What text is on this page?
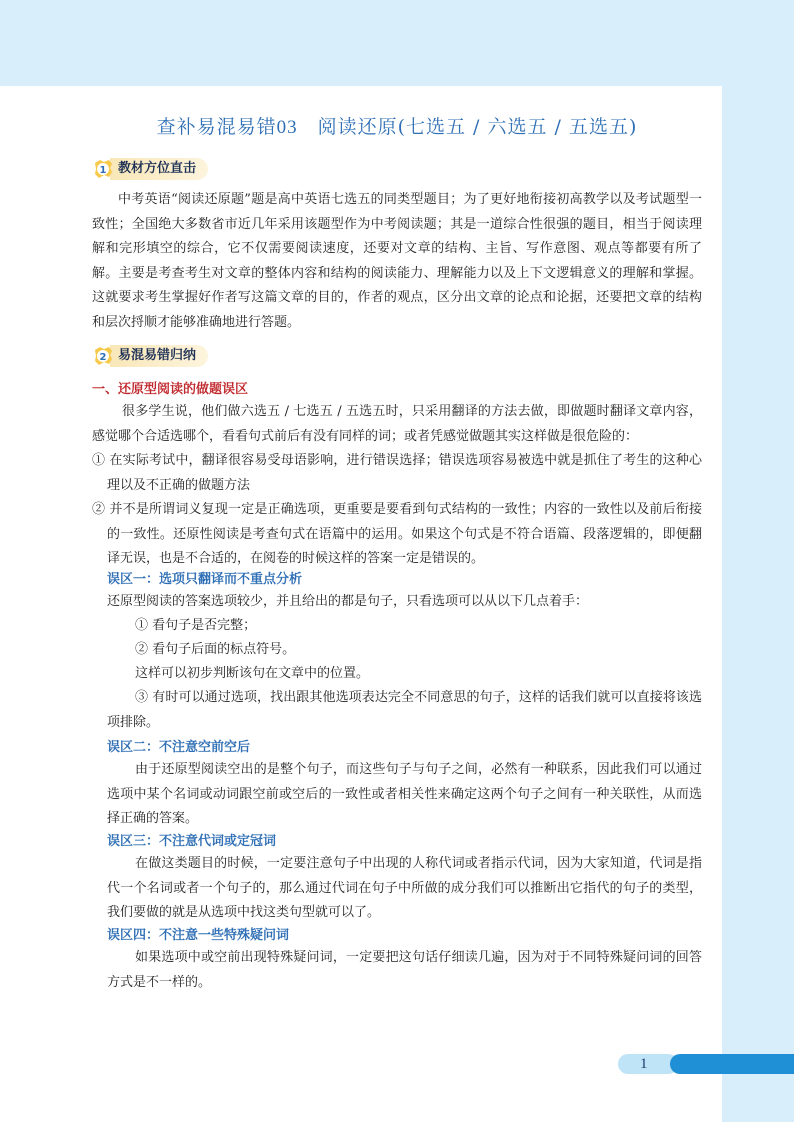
查补易混易错03  阅读还原(七选五 / 六选五 / 五选五)
1 教材方位直击

中考英语“阅读还原题”题是高中英语七选五的同类型题目；为了更好地衔接初高教学以及考试题型一致性；全国绝大多数省市近几年采用该题型作为中考阅读题；其是一道综合性很强的题目，相当于阅读理解和完形填空的综合，它不仅需要阅读速度，还要对文章的结构、主旨、写作意图、观点等都要有所了解。主要是考查考生对文章的整体内容和结构的阅读能力、理解能力以及上下文逻辑意义的理解和掌握。这就要求考生掌握好作者写这篇文章的目的，作者的观点，区分出文章的论点和论据，还要把文章的结构和层次捋顺才能够准确地进行答题。

2 易混易错归纳
一、还原型阅读的做题误区

很多学生说，他们做六选五 / 七选五 / 五选五时，只采用翻译的方法去做，即做题时翻译文章内容，感觉哪个合适选哪个，看看句式前后有没有同样的词；或者凭感觉做题其实这样做是很危险的：

① 在实际考试中，翻译很容易受母语影响，进行错误选择；错误选项容易被选中就是抓住了考生的这种心理以及不正确的做题方法

② 并不是所谓词义复现一定是正确选项，更重要是要看到句式结构的一致性；内容的一致性以及前后衔接的一致性。还原性阅读是考查句式在语篇中的运用。如果这个句式是不符合语篇、段落逻辑的，即便翻译无误，也是不合适的，在阅卷的时候这样的答案一定是错误的。

误区一：选项只翻译而不重点分析

还原型阅读的答案选项较少，并且给出的都是句子，只看选项可以从以下几点着手：

① 看句子是否完整；

② 看句子后面的标点符号。

这样可以初步判断该句在文章中的位置。

③ 有时可以通过选项，找出跟其他选项表达完全不同意思的句子，这样的话我们就可以直接将该选项排除。

误区二：不注意空前空后

由于还原型阅读空出的是整个句子，而这些句子与句子之间，必然有一种联系，因此我们可以通过选项中某个名词或动词跟空前或空后的一致性或者相关性来确定这两个句子之间有一种关联性，从而选择正确的答案。

误区三：不注意代词或定冠词

在做这类题目的时候，一定要注意句子中出现的人称代词或者指示代词，因为大家知道，代词是指代一个名词或者一个句子的，那么通过代词在句子中所做的成分我们可以推断出它指代的句子的类型，我们要做的就是从选项中找这类句型就可以了。

误区四：不注意一些特殊疑问词

如果选项中或空前出现特殊疑问词，一定要把这句话仔细读几遍，因为对于不同特殊疑问词的回答方式是不一样的。

1
